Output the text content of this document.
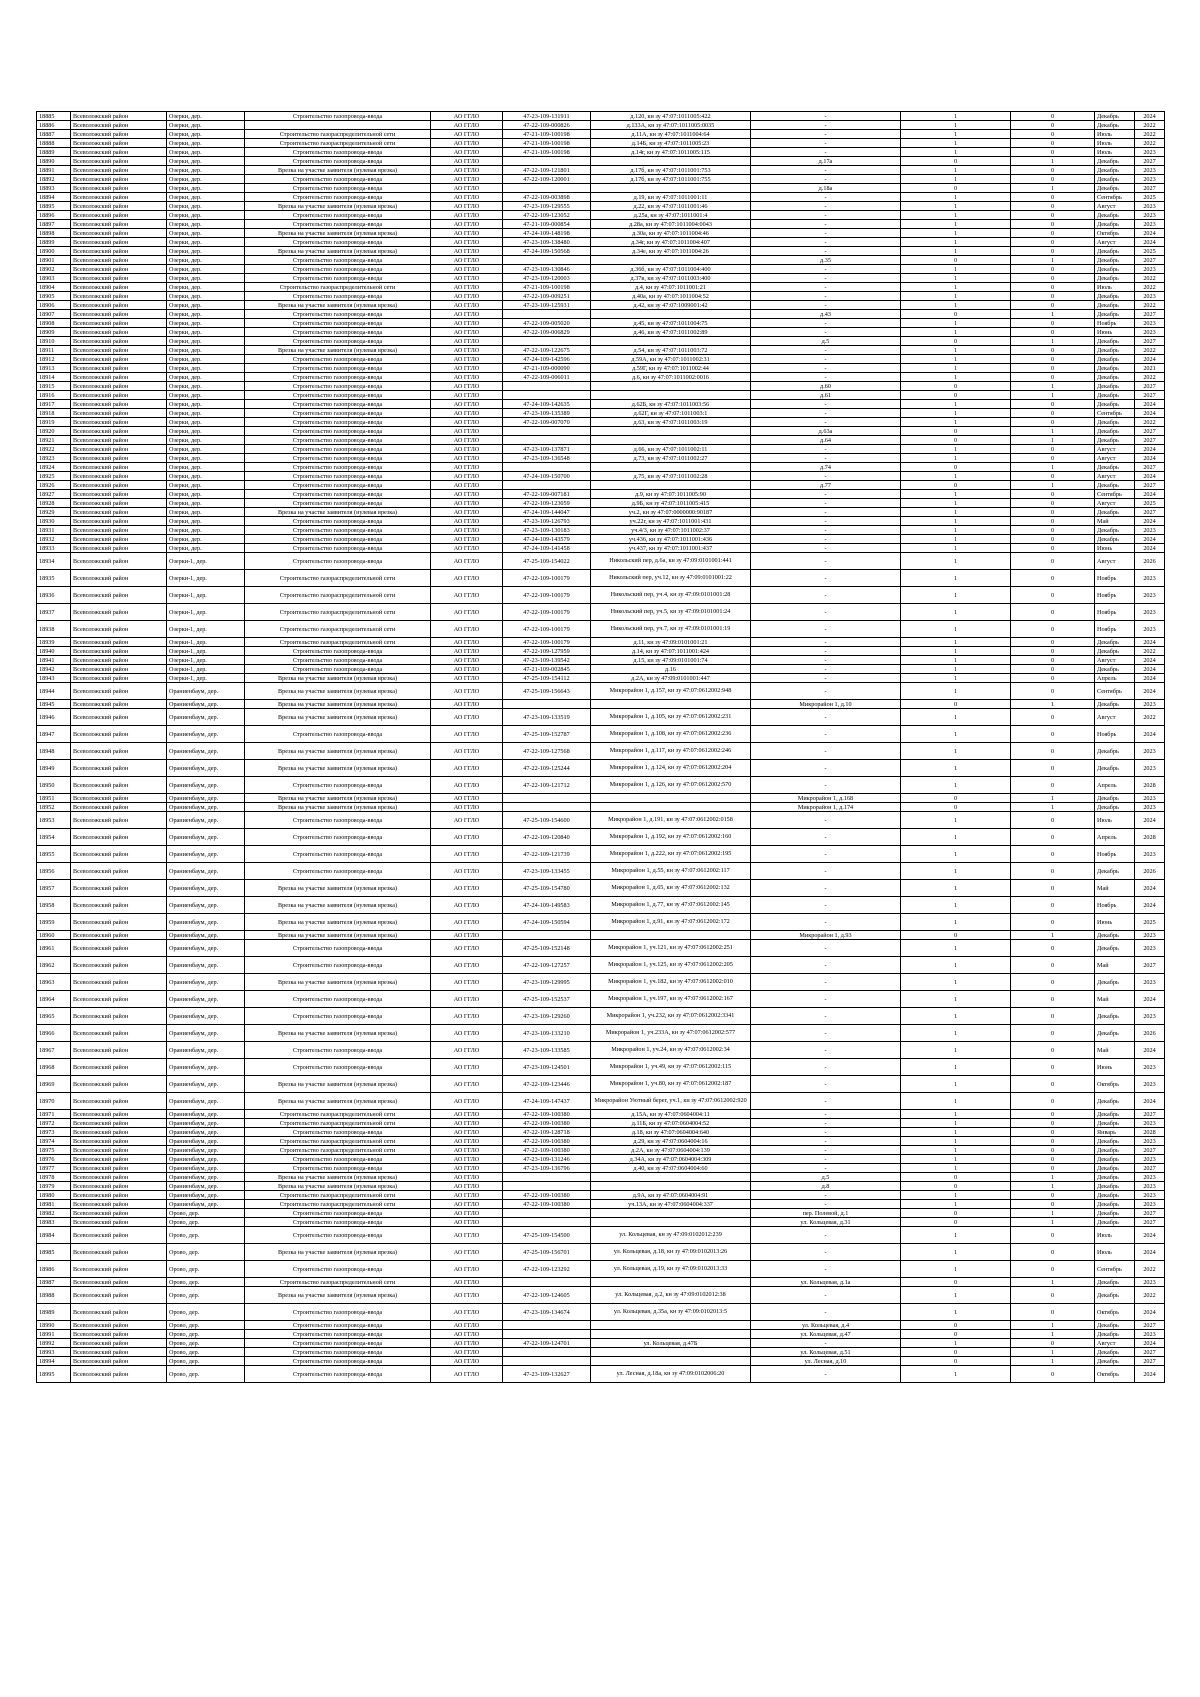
18885	Всеволожский район	Озерки, дер.	Строительство газопровода-ввода	АО ГГЛО	47-23-109-131911	д.120, кн зу 47:07:1011005:422	-	1	0	Декабрь	2024
18886	Всеволожский район	Озерки, дер.		АО ГГЛО	47-22-109-000826	д.133А, кн зу 47:07:1011005:0035	-	1	0	Декабрь	2022
18887	Всеволожский район	Озерки, дер.	Строительство газораспределительной сети	АО ГГЛО	47-21-109-100198	д.11А, кн зу 47:07:1011004:64	-	1	0	Июль	2022
18888	Всеволожский район	Озерки, дер.	Строительство газораспределительной сети	АО ГГЛО	47-21-109-100198	д.14Б, кн зу 47:07:1011005:23	-	1	0	Июль	2022
18889	Всеволожский район	Озерки, дер.	Строительство газопровода-ввода	АО ГГЛО	47-21-109-100198	д.14г, кн зу 47:07:1011005:115	-	1	0	Июль	2023
18890	Всеволожский район	Озерки, дер.	Строительство газопровода-ввода	АО ГГЛО			д.17а	0	1	Декабрь	2027
18891	Всеволожский район	Озерки, дер.	Врезка на участке заявителя (нулевая врезка)	АО ГГЛО	47-22-109-121801	д.17б, кн зу 47:07:1011001:753	-	1	0	Декабрь	2023
18892	Всеволожский район	Озерки, дер.	Строительство газопровода-ввода	АО ГГЛО	47-22-109-120001	д.17б, кн зу 47:07:1011001:755	-	1	0	Декабрь	2023
18893	Всеволожский район	Озерки, дер.	Строительство газопровода-ввода	АО ГГЛО			д.18а	0	1	Декабрь	2027
18894	Всеволожский район	Озерки, дер.	Строительство газопровода-ввода	АО ГГЛО	47-22-109-003898	д.19, кн зу 47:07:1011001:11	-	1	0	Сентябрь	2025
18895	Всеволожский район	Озерки, дер.	Врезка на участке заявителя (нулевая врезка)	АО ГГЛО	47-23-109-129555	д.22, кн зу 47:07:1011001:46	-	1	0	Август	2023
18896	Всеволожский район	Озерки, дер.	Строительство газопровода-ввода	АО ГГЛО	47-22-109-123052	д.25а, кн зу 47:07:1011001:4	-	1	0	Декабрь	2023
18897	Всеволожский район	Озерки, дер.	Строительство газопровода-ввода	АО ГГЛО	47-21-109-000854	д.28а, кн зу 47:07:1011004:0043	-	1	0	Декабрь	2023
18898	Всеволожский район	Озерки, дер.	Врезка на участке заявителя (нулевая врезка)	АО ГГЛО	47-24-109-148198	д.30а, кн зу 47:07:1011004:46	-	1	0	Октябрь	2024
18899	Всеволожский район	Озерки, дер.	Строительство газопровода-ввода	АО ГГЛО	47-23-109-138480	д.34г, кн зу 47:07:1011004:407	-	1	0	Август	2024
18900	Всеволожский район	Озерки, дер.	Врезка на участке заявителя (нулевая врезка)	АО ГГЛО	47-24-109-150568	д.34е, кн зу 47:07:1011004:26	-	1	0	Декабрь	2025
18901	Всеволожский район	Озерки, дер.	Строительство газопровода-ввода	АО ГГЛО			д.35	0	1	Декабрь	2027
18902	Всеволожский район	Озерки, дер.	Строительство газопровода-ввода	АО ГГЛО	47-23-109-130846	д.36б, кн зу 47:07:1011004:400	-	1	0	Декабрь	2023
18903	Всеволожский район	Озерки, дер.	Строительство газопровода-ввода	АО ГГЛО	47-23-109-120003	д.37в, кн зу 47:07:1011003:400	-	1	0	Декабрь	2022
18904	Всеволожский район	Озерки, дер.	Строительство газораспределительной сети	АО ГГЛО	47-21-109-100198	д.4, кн зу 47:07:1011001:21	-	1	0	Июль	2022
18905	Всеволожский район	Озерки, дер.	Строительство газопровода-ввода	АО ГГЛО	47-22-109-009251	д.40а, кн зу 47:07:1011004:52	-	1	0	Декабрь	2023
18906	Всеволожский район	Озерки, дер.	Врезка на участке заявителя (нулевая врезка)	АО ГГЛО	47-23-109-125931	д.42, кн зу 47:07:1009001:42	-	1	0	Декабрь	2022
18907	Всеволожский район	Озерки, дер.	Строительство газопровода-ввода	АО ГГЛО			д.43	0	1	Декабрь	2027
18908	Всеволожский район	Озерки, дер.	Строительство газопровода-ввода	АО ГГЛО	47-22-109-005020	д.45, кн зу 47:07:1011004:75	-	1	0	Ноябрь	2023
18909	Всеволожский район	Озерки, дер.	Строительство газопровода-ввода	АО ГГЛО	47-22-109-006829	д.46, кн зу 47:07:1011002:89	-	1	0	Июнь	2023
18910	Всеволожский район	Озерки, дер.	Строительство газопровода-ввода	АО ГГЛО			д.5	0	1	Декабрь	2027
18911	Всеволожский район	Озерки, дер.	Врезка на участке заявителя (нулевая врезка)	АО ГГЛО	47-22-109-122675	д.54, кн зу 47:07:1011003:72	-	1	0	Декабрь	2022
18912	Всеволожский район	Озерки, дер.	Строительство газопровода-ввода	АО ГГЛО	47-24-109-142596	д.59А, кн зу 47:07:1011002:31	-	1	0	Декабрь	2024
18913	Всеволожский район	Озерки, дер.	Строительство газопровода-ввода	АО ГГЛО	47-21-109-000090	д.59Г, кн зу 47:07:1011002:44	-	1	0	Декабрь	2021
18914	Всеволожский район	Озерки, дер.	Строительство газопровода-ввода	АО ГГЛО	47-22-109-006011	д.6, кн зу 47:07:1011002:0016	-	1	0	Декабрь	2022
18915	Всеволожский район	Озерки, дер.	Строительство газопровода-ввода	АО ГГЛО			д.60	0	1	Декабрь	2027
18916	Всеволожский район	Озерки, дер.	Строительство газопровода-ввода	АО ГГЛО			д.61	0	1	Декабрь	2027
18917	Всеволожский район	Озерки, дер.	Строительство газопровода-ввода	АО ГГЛО	47-24-109-142635	д.62Б, кн зу 47:07:1011003:56	-	1	0	Декабрь	2024
18918	Всеволожский район	Озерки, дер.	Строительство газопровода-ввода	АО ГГЛО	47-23-109-135389	д.62Г, кн зу 47:07:1011003:1	-	1	0	Сентябрь	2024
18919	Всеволожский район	Озерки, дер.	Строительство газопровода-ввода	АО ГГЛО	47-22-109-007070	д.63, кн зу 47:07:1011003:19	-	1	0	Декабрь	2022
18920	Всеволожский район	Озерки, дер.	Строительство газопровода-ввода	АО ГГЛО			д.63а	0	1	Декабрь	2027
18921	Всеволожский район	Озерки, дер.	Строительство газопровода-ввода	АО ГГЛО			д.64	0	1	Декабрь	2027
18922	Всеволожский район	Озерки, дер.	Строительство газопровода-ввода	АО ГГЛО	47-23-109-137871	д.66, кн зу 47:07:1011002:11	-	1	0	Август	2024
18923	Всеволожский район	Озерки, дер.	Строительство газопровода-ввода	АО ГГЛО	47-23-109-136548	д.73, кн зу 47:07:1011002:27	-	1	0	Август	2024
18924	Всеволожский район	Озерки, дер.	Строительство газопровода-ввода	АО ГГЛО			д.74	0	1	Декабрь	2027
18925	Всеволожский район	Озерки, дер.	Строительство газопровода-ввода	АО ГГЛО	47-24-109-150700	д.75, кн зу 47:07:1011002:28	-	1	0	Август	2024
18926	Всеволожский район	Озерки, дер.	Строительство газопровода-ввода	АО ГГЛО			д.77	0	1	Декабрь	2027
18927	Всеволожский район	Озерки, дер.	Строительство газопровода-ввода	АО ГГЛО	47-22-109-007181	д.9, кн зу 47:07:1011005:90	-	1	0	Сентябрь	2024
18928	Всеволожский район	Озерки, дер.	Строительство газопровода-ввода	АО ГГЛО	47-22-109-123059	д.9Б, кн зу 47:07:1011005:415	-	1	0	Август	2025
18929	Всеволожский район	Озерки, дер.	Врезка на участке заявителя (нулевая врезка)	АО ГГЛО	47-24-109-144047	уч.2, кн зу 47:07:0000000:90187	-	1	0	Декабрь	2027
18930	Всеволожский район	Озерки, дер.	Строительство газопровода-ввода	АО ГГЛО	47-23-109-126793	уч.22г, кн зу 47:07:1011001:431	-	1	0	Май	2024
18931	Всеволожский район	Озерки, дер.	Строительство газопровода-ввода	АО ГГЛО	47-23-109-130183	уч.4/3, кн зу 47:07:1011002:37	-	1	0	Декабрь	2023
18932	Всеволожский район	Озерки, дер.	Строительство газопровода-ввода	АО ГГЛО	47-24-109-143579	уч.436, кн зу 47:07:1011001:436	-	1	0	Декабрь	2024
18933	Всеволожский район	Озерки, дер.	Строительство газопровода-ввода	АО ГГЛО	47-24-109-141458	уч.437, кн зу 47:07:1011001:437	-	1	0	Июнь	2024
18934	Всеволожский район	Озерки-1, дер.	Строительство газопровода-ввода	АО ГГЛО	47-25-109-154022	Никольский пер, д.6а, кн зу 47:09:0101001:441	-	1	0	Август	2026
18935	Всеволожский район	Озерки-1, дер.	Строительство газораспределительной сети	АО ГГЛО	47-22-109-100179	Никольский пер, уч.12, кн зу 47:09:0101001:22	-	1	0	Ноябрь	2023
18936	Всеволожский район	Озерки-1, дер.	Строительство газораспределительной сети	АО ГГЛО	47-22-109-100179	Никольский пер, уч.4, кн зу 47:09:0101001:28	-	1	0	Ноябрь	2023
18937	Всеволожский район	Озерки-1, дер.	Строительство газораспределительной сети	АО ГГЛО	47-22-109-100179	Никольский пер, уч.5, кн зу 47:09:0101001:24	-	1	0	Ноябрь	2023
18938	Всеволожский район	Озерки-1, дер.	Строительство газораспределительной сети	АО ГГЛО	47-22-109-100179	Никольский пер, уч.7, кн зу 47:09:0101001:19	-	1	0	Ноябрь	2023
18939	Всеволожский район	Озерки-1, дер.	Строительство газораспределительной сети	АО ГГЛО	47-22-109-100179	д.11, кн зу 47:09:0101001:21	-	1	0	Декабрь	2024
18940	Всеволожский район	Озерки-1, дер.	Строительство газопровода-ввода	АО ГГЛО	47-22-109-127959	д.14, кн зу 47:07:1011001:424	-	1	0	Декабрь	2022
18941	Всеволожский район	Озерки-1, дер.	Строительство газопровода-ввода	АО ГГЛО	47-23-109-139542	д.15, кн зу 47:09:0101001:74	-	1	0	Август	2024
18942	Всеволожский район	Озерки-1, дер.	Строительство газопровода-ввода	АО ГГЛО	47-21-109-002845	д.16	-	1	0	Декабрь	2024
18943	Всеволожский район	Озерки-1, дер.	Врезка на участке заявителя (нулевая врезка)	АО ГГЛО	47-25-109-154112	д.2А, кн зу 47:09:0101001:447	-	1	0	Апрель	2024
18944	Всеволожский район	Ораниенбаум, дер.	Врезка на участке заявителя (нулевая врезка)	АО ГГЛО	47-25-109-156643	Микрорайон 1, д.157, кн зу 47:07:0612002:948	-	1	0	Сентябрь	2024
18945	Всеволожский район	Ораниенбаум, дер.	Врезка на участке заявителя (нулевая врезка)	АО ГГЛО			Микрорайон 1, д.10	0	1	Декабрь	2023
18946	Всеволожский район	Ораниенбаум, дер.	Врезка на участке заявителя (нулевая врезка)	АО ГГЛО	47-23-109-133519	Микрорайон 1, д.105, кн зу 47:07:0612002:231	-	1	0	Август	2022
18947	Всеволожский район	Ораниенбаум, дер.	Строительство газопровода-ввода	АО ГГЛО	47-25-109-152787	Микрорайон 1, д.108, кн зу 47:07:0612002:236	-	1	0	Ноябрь	2024
18948	Всеволожский район	Ораниенбаум, дер.	Врезка на участке заявителя (нулевая врезка)	АО ГГЛО	47-22-109-127568	Микрорайон 1, д.117, кн зу 47:07:0612002:246	-	1	0	Декабрь	2023
18949	Всеволожский район	Ораниенбаум, дер.	Врезка на участке заявителя (нулевая врезка)	АО ГГЛО	47-22-109-125244	Микрорайон 1, д.124, кн зу 47:07:0612002:204	-	1	0	Декабрь	2023
18950	Всеволожский район	Ораниенбаум, дер.	Строительство газопровода-ввода	АО ГГЛО	47-22-109-121712	Микрорайон 1, д.126, кн зу 47:07:0612002:570	-	1	0	Апрель	2028
18951	Всеволожский район	Ораниенбаум, дер.	Врезка на участке заявителя (нулевая врезка)	АО ГГЛО			Микрорайон 1, д.168	0	1	Декабрь	2023
18952	Всеволожский район	Ораниенбаум, дер.	Врезка на участке заявителя (нулевая врезка)	АО ГГЛО			Микрорайон 1, д.174	0	1	Декабрь	2023
18953	Всеволожский район	Ораниенбаум, дер.	Строительство газопровода-ввода	АО ГГЛО	47-25-109-154600	Микрорайон 1, д.191, кн зу 47:07:0612002:0158	-	1	0	Июль	2024
18954	Всеволожский район	Ораниенбаум, дер.	Строительство газопровода-ввода	АО ГГЛО	47-22-109-120840	Микрорайон 1, д.192, кн зу 47:07:0612002:160	-	1	0	Апрель	2028
18955	Всеволожский район	Ораниенбаум, дер.	Строительство газопровода-ввода	АО ГГЛО	47-22-109-121739	Микрорайон 1, д.222, кн зу 47:07:0612002:195	-	1	0	Ноябрь	2023
18956	Всеволожский район	Ораниенбаум, дер.	Строительство газопровода-ввода	АО ГГЛО	47-23-109-133455	Микрорайон 1, д.55, кн зу 47:07:0612002:117	-	1	0	Декабрь	2026
18957	Всеволожский район	Ораниенбаум, дер.	Врезка на участке заявителя (нулевая врезка)	АО ГГЛО	47-25-109-154780	Микрорайон 1, д.65, кн зу 47:07:0612002:132	-	1	0	Май	2024
18958	Всеволожский район	Ораниенбаум, дер.	Врезка на участке заявителя (нулевая врезка)	АО ГГЛО	47-24-109-149583	Микрорайон 1, д.77, кн зу 47:07:0612002:145	-	1	0	Ноябрь	2024
18959	Всеволожский район	Ораниенбаум, дер.	Врезка на участке заявителя (нулевая врезка)	АО ГГЛО	47-24-109-150594	Микрорайон 1, д.91, кн зу 47:07:0612002:172	-	1	0	Июнь	2025
18960	Всеволожский район	Ораниенбаум, дер.	Врезка на участке заявителя (нулевая врезка)	АО ГГЛО			Микрорайон 1, д.93	0	1	Декабрь	2023
18961	Всеволожский район	Ораниенбаум, дер.	Строительство газопровода-ввода	АО ГГЛО	47-25-109-152148	Микрорайон 1, уч.121, кн зу 47:07:0612002:251	-	1	0	Декабрь	2023
18962	Всеволожский район	Ораниенбаум, дер.	Строительство газопровода-ввода	АО ГГЛО	47-22-109-127257	Микрорайон 1, уч.125, кн зу 47:07:0612002:205	-	1	0	Май	2027
18963	Всеволожский район	Ораниенбаум, дер.	Врезка на участке заявителя (нулевая врезка)	АО ГГЛО	47-23-109-129995	Микрорайон 1, уч.182, кн зу 47:07:0612002:010	-	1	0	Декабрь	2023
18964	Всеволожский район	Ораниенбаум, дер.	Строительство газопровода-ввода	АО ГГЛО	47-25-109-152537	Микрорайон 1, уч.197, кн зу 47:07:0612002:167	-	1	0	Май	2024
18965	Всеволожский район	Ораниенбаум, дер.	Строительство газопровода-ввода	АО ГГЛО	47-23-109-129260	Микрорайон 1, уч.232, кн зу 47:07:0612002:3341	-	1	0	Декабрь	2023
18966	Всеволожский район	Ораниенбаум, дер.	Врезка на участке заявителя (нулевая врезка)	АО ГГЛО	47-23-109-133210	Микрорайон 1, уч.233А, кн зу 47:07:0612002:577	-	1	0	Декабрь	2026
18967	Всеволожский район	Ораниенбаум, дер.	Строительство газопровода-ввода	АО ГГЛО	47-23-109-133585	Микрорайон 1, уч.24, кн зу 47:07:0612002:34	-	1	0	Май	2024
18968	Всеволожский район	Ораниенбаум, дер.	Строительство газопровода-ввода	АО ГГЛО	47-23-109-124501	Микрорайон 1, уч.49, кн зу 47:07:0612002:115	-	1	0	Июнь	2023
18969	Всеволожский район	Ораниенбаум, дер.	Врезка на участке заявителя (нулевая врезка)	АО ГГЛО	47-22-109-123446	Микрорайон 1, уч.80, кн зу 47:07:0612002:187	-	1	0	Октябрь	2023
18970	Всеволожский район	Ораниенбаум, дер.	Врезка на участке заявителя (нулевая врезка)	АО ГГЛО	47-24-109-147437	Микрорайон Уютный берег, уч.1, кн зу 47:07:0612002:920	-	1	0	Декабрь	2024
18971	Всеволожский район	Ораниенбаум, дер.	Строительство газораспределительной сети	АО ГГЛО	47-22-109-100380	д.15А, кн зу 47:07:0604004:11	-	1	0	Декабрь	2027
18972	Всеволожский район	Ораниенбаум, дер.	Строительство газораспределительной сети	АО ГГЛО	47-22-109-100380	д.11Б, кн зу 47:07:0604004:52	-	1	0	Декабрь	2023
18973	Всеволожский район	Ораниенбаум, дер.	Строительство газопровода-ввода	АО ГГЛО	47-22-109-128718	д.18, кн зу 47:07:0604004:640	-	1	0	Январь	2028
18974	Всеволожский район	Ораниенбаум, дер.	Строительство газораспределительной сети	АО ГГЛО	47-22-109-100380	д.29, кн зу 47:07:0604004:16	-	1	0	Декабрь	2023
18975	Всеволожский район	Ораниенбаум, дер.	Строительство газораспределительной сети	АО ГГЛО	47-22-109-100380	д.2А, кн зу 47:07:0604004:139	-	1	0	Декабрь	2027
18976	Всеволожский район	Ораниенбаум, дер.	Строительство газопровода-ввода	АО ГГЛО	47-23-109-131246	д.34А, кн зу 47:07:0604004:309	-	1	0	Декабрь	2023
18977	Всеволожский район	Ораниенбаум, дер.	Строительство газопровода-ввода	АО ГГЛО	47-23-109-136796	д.40, кн зу 47:07:0604004:60	-	1	0	Декабрь	2027
18978	Всеволожский район	Ораниенбаум, дер.	Врезка на участке заявителя (нулевая врезка)	АО ГГЛО			д.5	0	1	Декабрь	2023
18979	Всеволожский район	Ораниенбаум, дер.	Врезка на участке заявителя (нулевая врезка)	АО ГГЛО			д.8	0	1	Декабрь	2023
18980	Всеволожский район	Ораниенбаум, дер.	Строительство газораспределительной сети	АО ГГЛО	47-22-109-100380	д.9А, кн зу 47:07:0604004:91	-	1	0	Декабрь	2023
18981	Всеволожский район	Ораниенбаум, дер.	Строительство газораспределительной сети	АО ГГЛО	47-22-109-100380	уч.13А, кн зу 47:07:0604004:337	-	1	0	Декабрь	2023
18982	Всеволожский район	Орово, дер.	Строительство газопровода-ввода	АО ГГЛО			пер. Полевой, д.1	0	1	Декабрь	2027
18983	Всеволожский район	Орово, дер.	Строительство газопровода-ввода	АО ГГЛО			ул. Кольцевая, д.31	0	1	Декабрь	2027
18984	Всеволожский район	Орово, дер.	Строительство газопровода-ввода	АО ГГЛО	47-25-109-154500	ул. Кольцевая, кн зу 47:09:0102012:239	-	1	0	Июль	2024
18985	Всеволожский район	Орово, дер.	Врезка на участке заявителя (нулевая врезка)	АО ГГЛО	47-25-109-156701	ул. Кольцевая, д.18, кн зу 47:09:0102013:26	-	1	0	Июль	2024
18986	Всеволожский район	Орово, дер.	Строительство газопровода-ввода	АО ГГЛО	47-22-109-123292	ул. Кольцевая, д.19, кн зу 47:09:0102013:33	-	1	0	Сентябрь	2022
18987	Всеволожский район	Орово, дер.	Строительство газораспределительной сети	АО ГГЛО			ул. Кольцевая, д.1а	0	1	Декабрь	2023
18988	Всеволожский район	Орово, дер.	Врезка на участке заявителя (нулевая врезка)	АО ГГЛО	47-22-109-124605	ул. Кольцевая, д.2, кн зу 47:09:0102012:38	-	1	0	Декабрь	2022
18989	Всеволожский район	Орово, дер.	Строительство газопровода-ввода	АО ГГЛО	47-23-109-134674	ул. Кольцевая, д.35а, кн зу 47:09:0102013:5	-	1	0	Октябрь	2024
18990	Всеволожский район	Орово, дер.	Строительство газопровода-ввода	АО ГГЛО			ул. Кольцевая, д.4	0	1	Декабрь	2027
18991	Всеволожский район	Орово, дер.	Строительство газопровода-ввода	АО ГГЛО			ул. Кольцевая, д.47	0	1	Декабрь	2023
18992	Всеволожский район	Орово, дер.	Строительство газопровода-ввода	АО ГГЛО	47-22-109-124701	ул. Кольцевая, д.47Б	-	1	0	Август	2024
18993	Всеволожский район	Орово, дер.	Строительство газопровода-ввода	АО ГГЛО			ул. Кольцевая, д.51	0	1	Декабрь	2027
18994	Всеволожский район	Орово, дер.	Строительство газопровода-ввода	АО ГГЛО			ул. Лесная, д.10	0	1	Декабрь	2027
18995	Всеволожский район	Орово, дер.	Строительство газопровода-ввода	АО ГГЛО	47-23-109-132627	ул. Лесная, д.18а, кн зу 47:09:0102006:20	-	1	0	Октябрь	2024
